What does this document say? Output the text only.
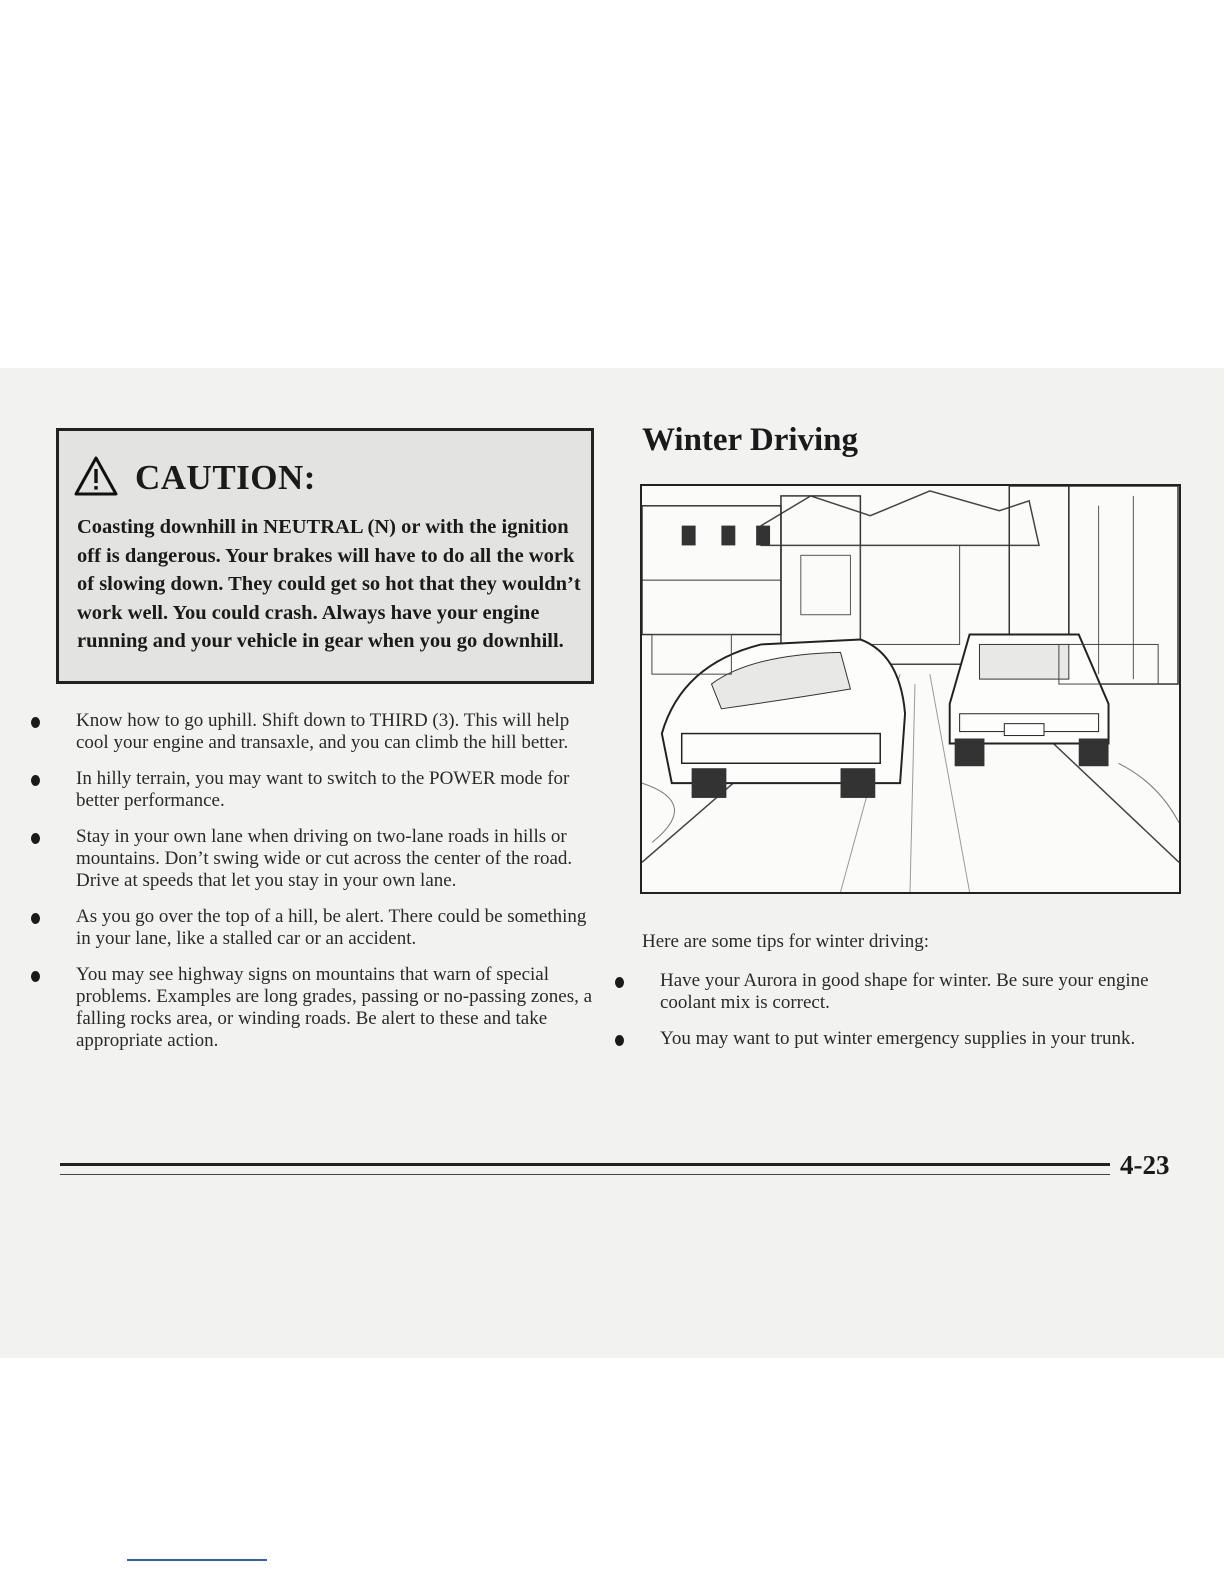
CAUTION:
Coasting downhill in NEUTRAL (N) or with the ignition off is dangerous. Your brakes will have to do all the work of slowing down. They could get so hot that they wouldn’t work well. You could crash. Always have your engine running and your vehicle in gear when you go downhill.
Know how to go uphill. Shift down to THIRD (3). This will help cool your engine and transaxle, and you can climb the hill better.
In hilly terrain, you may want to switch to the POWER mode for better performance.
Stay in your own lane when driving on two-lane roads in hills or mountains. Don’t swing wide or cut across the center of the road. Drive at speeds that let you stay in your own lane.
As you go over the top of a hill, be alert. There could be something in your lane, like a stalled car or an accident.
You may see highway signs on mountains that warn of special problems. Examples are long grades, passing or no-passing zones, a falling rocks area, or winding roads. Be alert to these and take appropriate action.
Winter Driving
Here are some tips for winter driving:
Have your Aurora in good shape for winter. Be sure your engine coolant mix is correct.
You may want to put winter emergency supplies in your trunk.
4-23
